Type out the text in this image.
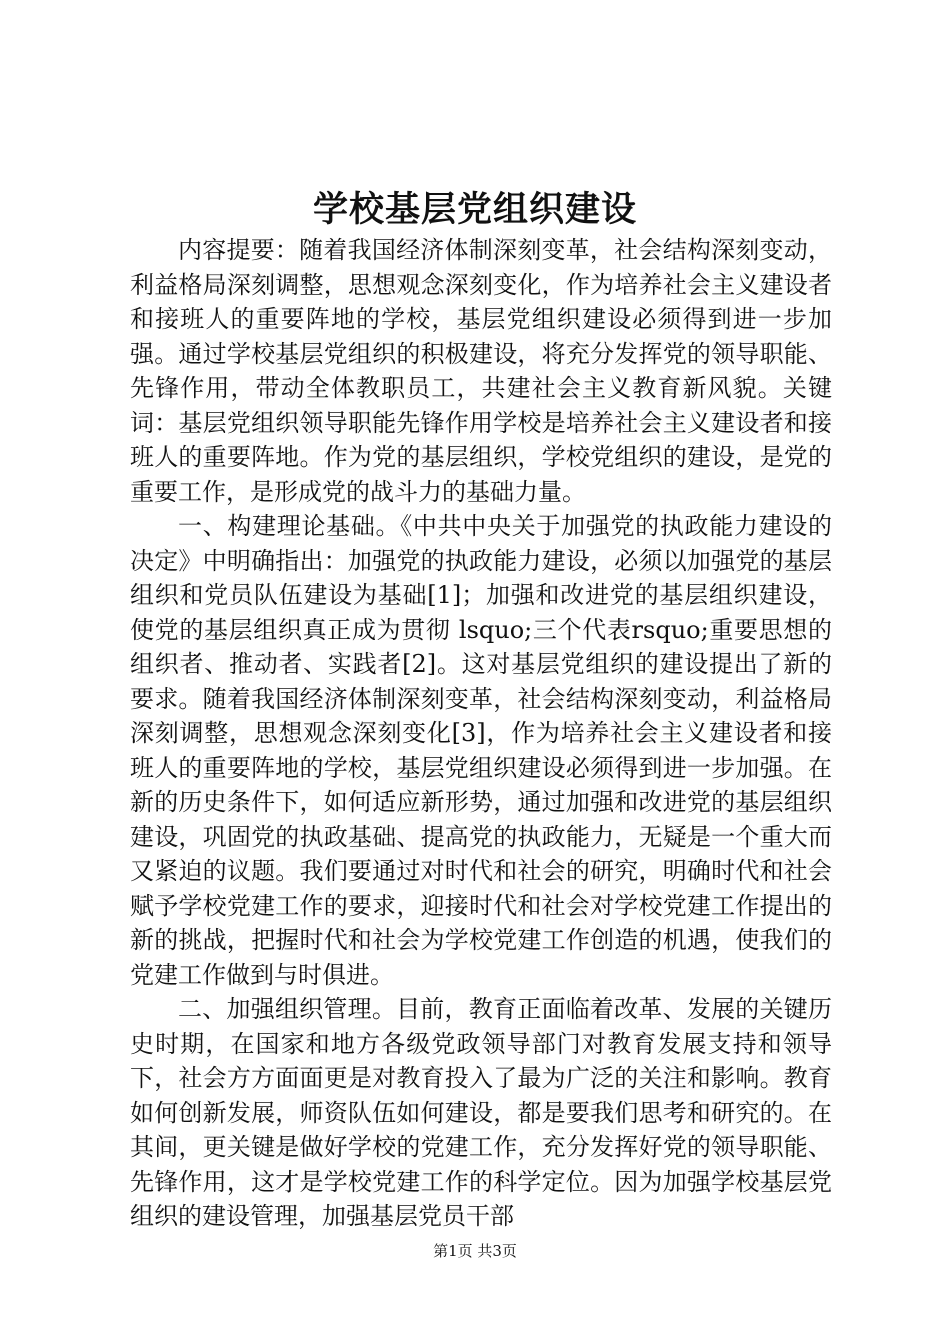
学校基层党组织建设

内容提要：随着我国经济体制深刻变革，社会结构深刻变动，利益格局深刻调整，思想观念深刻变化，作为培养社会主义建设者和接班人的重要阵地的学校，基层党组织建设必须得到进一步加强。通过学校基层党组织的积极建设，将充分发挥党的领导职能、先锋作用，带动全体教职员工，共建社会主义教育新风貌。关键词：基层党组织领导职能先锋作用学校是培养社会主义建设者和接班人的重要阵地。作为党的基层组织，学校党组织的建设，是党的重要工作，是形成党的战斗力的基础力量。

一、构建理论基础。《中共中央关于加强党的执政能力建设的决定》中明确指出：加强党的执政能力建设，必须以加强党的基层组织和党员队伍建设为基础[1]；加强和改进党的基层组织建设，使党的基层组织真正成为贯彻 lsquo;三个代表rsquo;重要思想的组织者、推动者、实践者[2]。这对基层党组织的建设提出了新的要求。随着我国经济体制深刻变革，社会结构深刻变动，利益格局深刻调整，思想观念深刻变化[3]，作为培养社会主义建设者和接班人的重要阵地的学校，基层党组织建设必须得到进一步加强。在新的历史条件下，如何适应新形势，通过加强和改进党的基层组织建设，巩固党的执政基础、提高党的执政能力，无疑是一个重大而又紧迫的议题。我们要通过对时代和社会的研究，明确时代和社会赋予学校党建工作的要求，迎接时代和社会对学校党建工作提出的新的挑战，把握时代和社会为学校党建工作创造的机遇，使我们的党建工作做到与时俱进。

二、加强组织管理。目前，教育正面临着改革、发展的关键历史时期，在国家和地方各级党政领导部门对教育发展支持和领导下，社会方方面面更是对教育投入了最为广泛的关注和影响。教育如何创新发展，师资队伍如何建设，都是要我们思考和研究的。在其间，更关键是做好学校的党建工作，充分发挥好党的领导职能、先锋作用，这才是学校党建工作的科学定位。因为加强学校基层党组织的建设管理，加强基层党员干部

第1页 共3页
